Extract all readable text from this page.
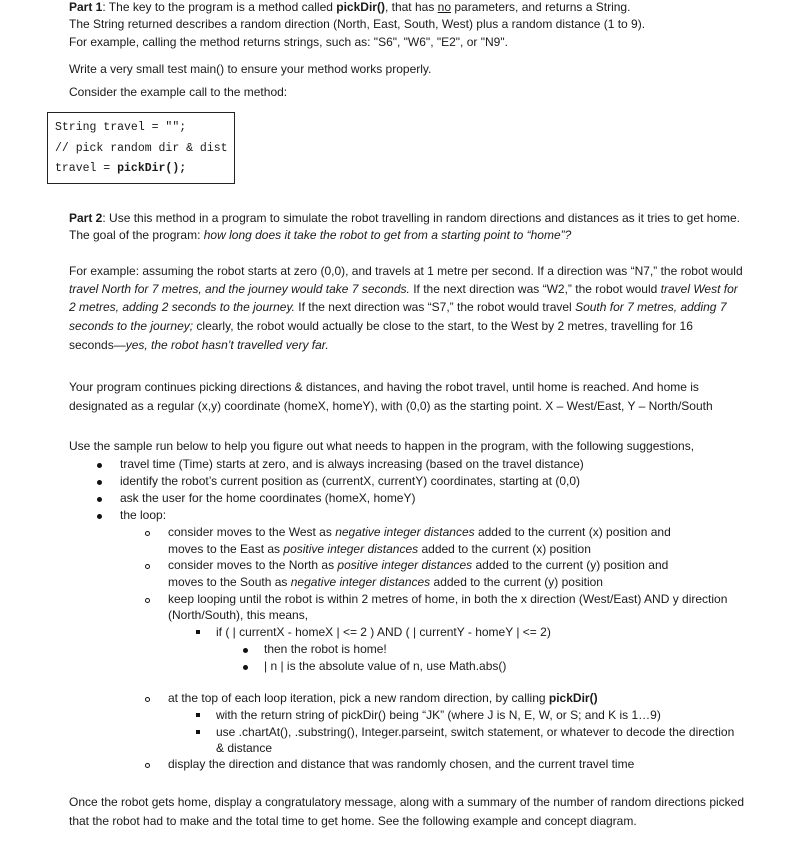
Part 1: The key to the program is a method called pickDir(), that has no parameters, and returns a String.
The String returned describes a random direction (North, East, South, West) plus a random distance (1 to 9).
For example, calling the method returns strings, such as: "S6", "W6", "E2", or "N9".
Write a very small test main() to ensure your method works properly.
Consider the example call to the method:
String travel = "";
// pick random dir & dist
travel = pickDir();
Part 2: Use this method in a program to simulate the robot travelling in random directions and distances as it tries to get home.
The goal of the program: how long does it take the robot to get from a starting point to “home”?
For example: assuming the robot starts at zero (0,0), and travels at 1 metre per second. If a direction was “N7,” the robot would
travel North for 7 metres, and the journey would take 7 seconds. If the next direction was “W2,” the robot would travel West for
2 metres, adding 2 seconds to the journey. If the next direction was “S7,” the robot would travel South for 7 metres, adding 7
seconds to the journey; clearly, the robot would actually be close to the start, to the West by 2 metres, travelling for 16
seconds—yes, the robot hasn’t travelled very far.
Your program continues picking directions & distances, and having the robot travel, until home is reached. And home is
designated as a regular (x,y) coordinate (homeX, homeY), with (0,0) as the starting point. X – West/East, Y – North/South
Use the sample run below to help you figure out what needs to happen in the program, with the following suggestions,
travel time (Time) starts at zero, and is always increasing (based on the travel distance)
identify the robot’s current position as (currentX, currentY) coordinates, starting at (0,0)
ask the user for the home coordinates (homeX, homeY)
the loop:
consider moves to the West as negative integer distances added to the current (x) position and
moves to the East as positive integer distances added to the current (x) position
consider moves to the North as positive integer distances added to the current (y) position and
moves to the South as negative integer distances added to the current (y) position
keep looping until the robot is within 2 metres of home, in both the x direction (West/East) AND y direction
(North/South), this means,
if ( | currentX - homeX | <= 2 ) AND ( | currentY - homeY | <= 2)
then the robot is home!
| n | is the absolute value of n, use Math.abs()
at the top of each loop iteration, pick a new random direction, by calling pickDir()
with the return string of pickDir() being “JK” (where J is N, E, W, or S; and K is 1…9)
use .chartAt(), .substring(), Integer.parseint, switch statement, or whatever to decode the direction
& distance
display the direction and distance that was randomly chosen, and the current travel time
Once the robot gets home, display a congratulatory message, along with a summary of the number of random directions picked
that the robot had to make and the total time to get home. See the following example and concept diagram.
